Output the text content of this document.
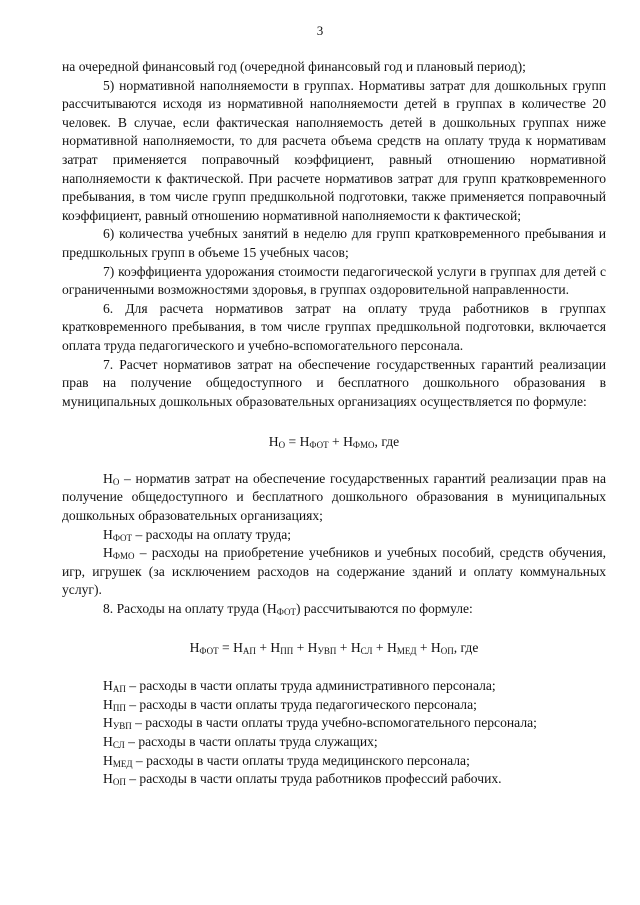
3

на очередной финансовый год (очередной финансовый год и плановый период);

5) нормативной наполняемости в группах. Нормативы затрат для дошкольных групп рассчитываются исходя из нормативной наполняемости детей в группах в количестве 20 человек. В случае, если фактическая наполняемость детей в дошкольных группах ниже нормативной наполняемости, то для расчета объема средств на оплату труда к нормативам затрат применяется поправочный коэффициент, равный отношению нормативной наполняемости к фактической. При расчете нормативов затрат для групп кратковременного пребывания, в том числе групп предшкольной подготовки, также применяется поправочный коэффициент, равный отношению нормативной наполняемости к фактической;

6) количества учебных занятий в неделю для групп кратковременного пребывания и предшкольных групп в объеме 15 учебных часов;

7) коэффициента удорожания стоимости педагогической услуги в группах для детей с ограниченными возможностями здоровья, в группах оздоровительной направленности.

6. Для расчета нормативов затрат на оплату труда работников в группах кратковременного пребывания, в том числе группах предшкольной подготовки, включается оплата труда педагогического и учебно-вспомогательного персонала.

7. Расчет нормативов затрат на обеспечение государственных гарантий реализации прав на получение общедоступного и бесплатного дошкольного образования в муниципальных дошкольных образовательных организациях осуществляется по формуле:

$Н_О = Н_{ФОТ} + Н_{ФМО}$, где

$Н_О$ – норматив затрат на обеспечение государственных гарантий реализации прав на получение общедоступного и бесплатного дошкольного образования в муниципальных дошкольных образовательных организациях;

$Н_{ФОТ}$ – расходы на оплату труда;

$Н_{ФМО}$ – расходы на приобретение учебников и учебных пособий, средств обучения, игр, игрушек (за исключением расходов на содержание зданий и оплату коммунальных услуг).

8. Расходы на оплату труда $(Н_{ФОТ})$ рассчитываются по формуле:

$Н_{ФОТ} = Н_{АП} + Н_{ПП} + Н_{УВП} + Н_{СЛ} + Н_{МЕД} + Н_{ОП}$, где

$Н_{АП}$ – расходы в части оплаты труда административного персонала;

$Н_{ПП}$ – расходы в части оплаты труда педагогического персонала;

$Н_{УВП}$ – расходы в части оплаты труда учебно-вспомогательного персонала;

$Н_{СЛ}$ – расходы в части оплаты труда служащих;

$Н_{МЕД}$ – расходы в части оплаты труда медицинского персонала;

$Н_{ОП}$ – расходы в части оплаты труда работников профессий рабочих.
